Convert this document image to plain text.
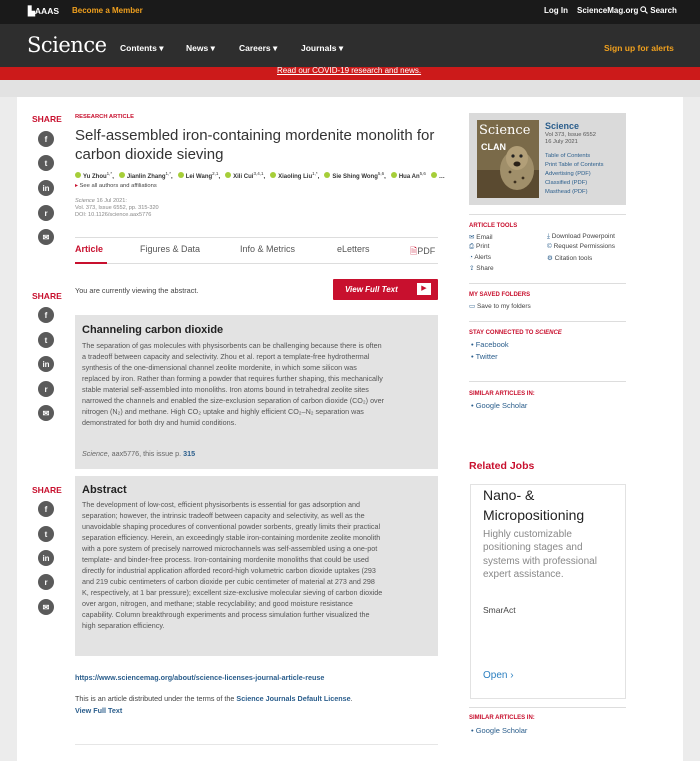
▙AAAS Become a Member	Log In ScienceMag.org	Search
Science Contents ▾	News ▾	Careers ▾	Journals ▾	Sign up for alerts
Read our COVID-19 research and news.
SHARE
f
t
in
r
✉
SHARE
f
t
in
r
✉
SHARE
f
t
in
r
✉
RESEARCH ARTICLE
Self-assembled iron-containing mordenite monolith for
carbon dioxide sieving
Yu Zhou$^{1,*}$, Jianlin Zhang$^{1,*}$, Lei Wang$^{2,1}$, Xili Cui$^{3,4,1}$, Xiaoling Liu$^{1,*}$, Sie Shing Wong$^{5,6}$, Hua An$^{5,6}$…
▸ See all authors and affiliations
Science 16 Jul 2021:
Vol. 373, Issue 6552, pp. 315-320
DOI: 10.1126/science.aax5776
Article	Figures & Data	Info & Metrics	eLetters	🗎PDF
You are currently viewing the abstract.	View Full Text	▶
Channeling carbon dioxide
The separation of gas molecules with physisorbents can be challenging because there is often
a tradeoff between capacity and selectivity. Zhou et al. report a template-free hydrothermal
synthesis of the one-dimensional channel zeolite mordenite, in which some silicon was
replaced by iron. Rather than forming a powder that requires further shaping, this mechanically
stable material self-assembled into monoliths. Iron atoms bound in tetrahedral zeolite sites
narrowed the channels and enabled the size-exclusion separation of carbon dioxide (CO₂) over
nitrogen (N₂) and methane. High CO₂ uptake and highly efficient CO₂–N₂ separation was
demonstrated for both dry and humid conditions.
Science, aax5776, this issue p. 315
Abstract
The development of low-cost, efficient physisorbents is essential for gas adsorption and
separation; however, the intrinsic tradeoff between capacity and selectivity, as well as the
unavoidable shaping procedures of conventional powder sorbents, greatly limits their practical
separation efficiency. Herein, an exceedingly stable iron-containing mordenite zeolite monolith
with a pore system of precisely narrowed microchannels was self-assembled using a one-pot
template- and binder-free process. Iron-containing mordenite monoliths that could be used
directly for industrial application afforded record-high volumetric carbon dioxide uptakes (293
and 219 cubic centimeters of carbon dioxide per cubic centimeter of material at 273 and 298
K, respectively, at 1 bar pressure); excellent size-exclusive molecular sieving of carbon dioxide
over argon, nitrogen, and methane; stable recyclability; and good moisture resistance
capability. Column breakthrough experiments and process simulation further visualized the
high separation efficiency.
https://www.sciencemag.org/about/science-licenses-journal-article-reuse
This is an article distributed under the terms of the Science Journals Default License.
View Full Text
Science
CLAN
Science
Vol 373, Issue 6552
16 July 2021
Table of Contents
Print Table of Contents
Advertising (PDF)
Classified (PDF)
Masthead (PDF)
ARTICLE TOOLS
✉ Email
⎙ Print
◔ Alerts
⇪ Share
⤓ Download Powerpoint
© Request Permissions
⚙ Citation tools
MY SAVED FOLDERS
▭ Save to my folders
STAY CONNECTED TO SCIENCE
• Facebook
• Twitter
SIMILAR ARTICLES IN:
• Google Scholar
Related Jobs
Nano- & Micropositioning
Highly customizable positioning stages and systems with professional expert assistance.
SmarAct
Open ›
SIMILAR ARTICLES IN:
• Google Scholar
